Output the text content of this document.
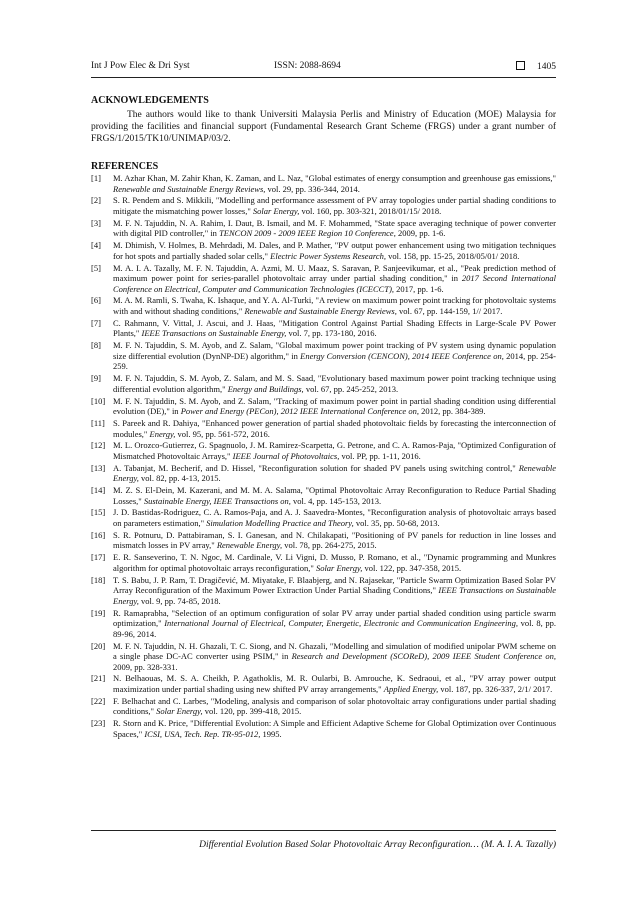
Int J Pow Elec & Dri Syst	ISSN: 2088-8694	1405
ACKNOWLEDGEMENTS

The authors would like to thank Universiti Malaysia Perlis and Ministry of Education (MOE) Malaysia for providing the facilities and financial support (Fundamental Research Grant Scheme (FRGS) under a grant number of FRGS/1/2015/TK10/UNIMAP/03/2.

REFERENCES
[1] M. Azhar Khan, M. Zahir Khan, K. Zaman, and L. Naz, "Global estimates of energy consumption and greenhouse gas emissions," Renewable and Sustainable Energy Reviews, vol. 29, pp. 336-344, 2014.
[2] S. R. Pendem and S. Mikkili, "Modelling and performance assessment of PV array topologies under partial shading conditions to mitigate the mismatching power losses," Solar Energy, vol. 160, pp. 303-321, 2018/01/15/ 2018.
[3] M. F. N. Tajuddin, N. A. Rahim, I. Daut, B. Ismail, and M. F. Mohammed, "State space averaging technique of power converter with digital PID controller," in TENCON 2009 - 2009 IEEE Region 10 Conference, 2009, pp. 1-6.
[4] M. Dhimish, V. Holmes, B. Mehrdadi, M. Dales, and P. Mather, "PV output power enhancement using two mitigation techniques for hot spots and partially shaded solar cells," Electric Power Systems Research, vol. 158, pp. 15-25, 2018/05/01/ 2018.
[5] M. A. I. A. Tazally, M. F. N. Tajuddin, A. Azmi, M. U. Maaz, S. Saravan, P. Sanjeevikumar, et al., "Peak prediction method of maximum power point for series-parallel photovoltaic array under partial shading condition," in 2017 Second International Conference on Electrical, Computer and Communication Technologies (ICECCT), 2017, pp. 1-6.
[6] M. A. M. Ramli, S. Twaha, K. Ishaque, and Y. A. Al-Turki, "A review on maximum power point tracking for photovoltaic systems with and without shading conditions," Renewable and Sustainable Energy Reviews, vol. 67, pp. 144-159, 1// 2017.
[7] C. Rahmann, V. Vittal, J. Ascui, and J. Haas, "Mitigation Control Against Partial Shading Effects in Large-Scale PV Power Plants," IEEE Transactions on Sustainable Energy, vol. 7, pp. 173-180, 2016.
[8] M. F. N. Tajuddin, S. M. Ayob, and Z. Salam, "Global maximum power point tracking of PV system using dynamic population size differential evolution (DynNP-DE) algorithm," in Energy Conversion (CENCON), 2014 IEEE Conference on, 2014, pp. 254-259.
[9] M. F. N. Tajuddin, S. M. Ayob, Z. Salam, and M. S. Saad, "Evolutionary based maximum power point tracking technique using differential evolution algorithm," Energy and Buildings, vol. 67, pp. 245-252, 2013.
[10] M. F. N. Tajuddin, S. M. Ayob, and Z. Salam, "Tracking of maximum power point in partial shading condition using differential evolution (DE)," in Power and Energy (PECon), 2012 IEEE International Conference on, 2012, pp. 384-389.
[11] S. Pareek and R. Dahiya, "Enhanced power generation of partial shaded photovoltaic fields by forecasting the interconnection of modules," Energy, vol. 95, pp. 561-572, 2016.
[12] M. L. Orozco-Gutierrez, G. Spagnuolo, J. M. Ramirez-Scarpetta, G. Petrone, and C. A. Ramos-Paja, "Optimized Configuration of Mismatched Photovoltaic Arrays," IEEE Journal of Photovoltaics, vol. PP, pp. 1-11, 2016.
[13] A. Tabanjat, M. Becherif, and D. Hissel, "Reconfiguration solution for shaded PV panels using switching control," Renewable Energy, vol. 82, pp. 4-13, 2015.
[14] M. Z. S. El-Dein, M. Kazerani, and M. M. A. Salama, "Optimal Photovoltaic Array Reconfiguration to Reduce Partial Shading Losses," Sustainable Energy, IEEE Transactions on, vol. 4, pp. 145-153, 2013.
[15] J. D. Bastidas-Rodriguez, C. A. Ramos-Paja, and A. J. Saavedra-Montes, "Reconfiguration analysis of photovoltaic arrays based on parameters estimation," Simulation Modelling Practice and Theory, vol. 35, pp. 50-68, 2013.
[16] S. R. Potnuru, D. Pattabiraman, S. I. Ganesan, and N. Chilakapati, "Positioning of PV panels for reduction in line losses and mismatch losses in PV array," Renewable Energy, vol. 78, pp. 264-275, 2015.
[17] E. R. Sanseverino, T. N. Ngoc, M. Cardinale, V. Li Vigni, D. Musso, P. Romano, et al., "Dynamic programming and Munkres algorithm for optimal photovoltaic arrays reconfiguration," Solar Energy, vol. 122, pp. 347-358, 2015.
[18] T. S. Babu, J. P. Ram, T. Dragičević, M. Miyatake, F. Blaabjerg, and N. Rajasekar, "Particle Swarm Optimization Based Solar PV Array Reconfiguration of the Maximum Power Extraction Under Partial Shading Conditions," IEEE Transactions on Sustainable Energy, vol. 9, pp. 74-85, 2018.
[19] R. Ramaprabha, "Selection of an optimum configuration of solar PV array under partial shaded condition using particle swarm optimization," International Journal of Electrical, Computer, Energetic, Electronic and Communication Engineering, vol. 8, pp. 89-96, 2014.
[20] M. F. N. Tajuddin, N. H. Ghazali, T. C. Siong, and N. Ghazali, "Modelling and simulation of modified unipolar PWM scheme on a single phase DC-AC converter using PSIM," in Research and Development (SCOReD), 2009 IEEE Student Conference on, 2009, pp. 328-331.
[21] N. Belhaouas, M. S. A. Cheikh, P. Agathoklis, M. R. Oularbi, B. Amrouche, K. Sedraoui, et al., "PV array power output maximization under partial shading using new shifted PV array arrangements," Applied Energy, vol. 187, pp. 326-337, 2/1/ 2017.
[22] F. Belhachat and C. Larbes, "Modeling, analysis and comparison of solar photovoltaic array configurations under partial shading conditions," Solar Energy, vol. 120, pp. 399-418, 2015.
[23] R. Storn and K. Price, "Differential Evolution: A Simple and Efficient Adaptive Scheme for Global Optimization over Continuous Spaces," ICSI, USA, Tech. Rep. TR-95-012, 1995.
Differential Evolution Based Solar Photovoltaic Array Reconfiguration… (M. A. I. A. Tazally)
